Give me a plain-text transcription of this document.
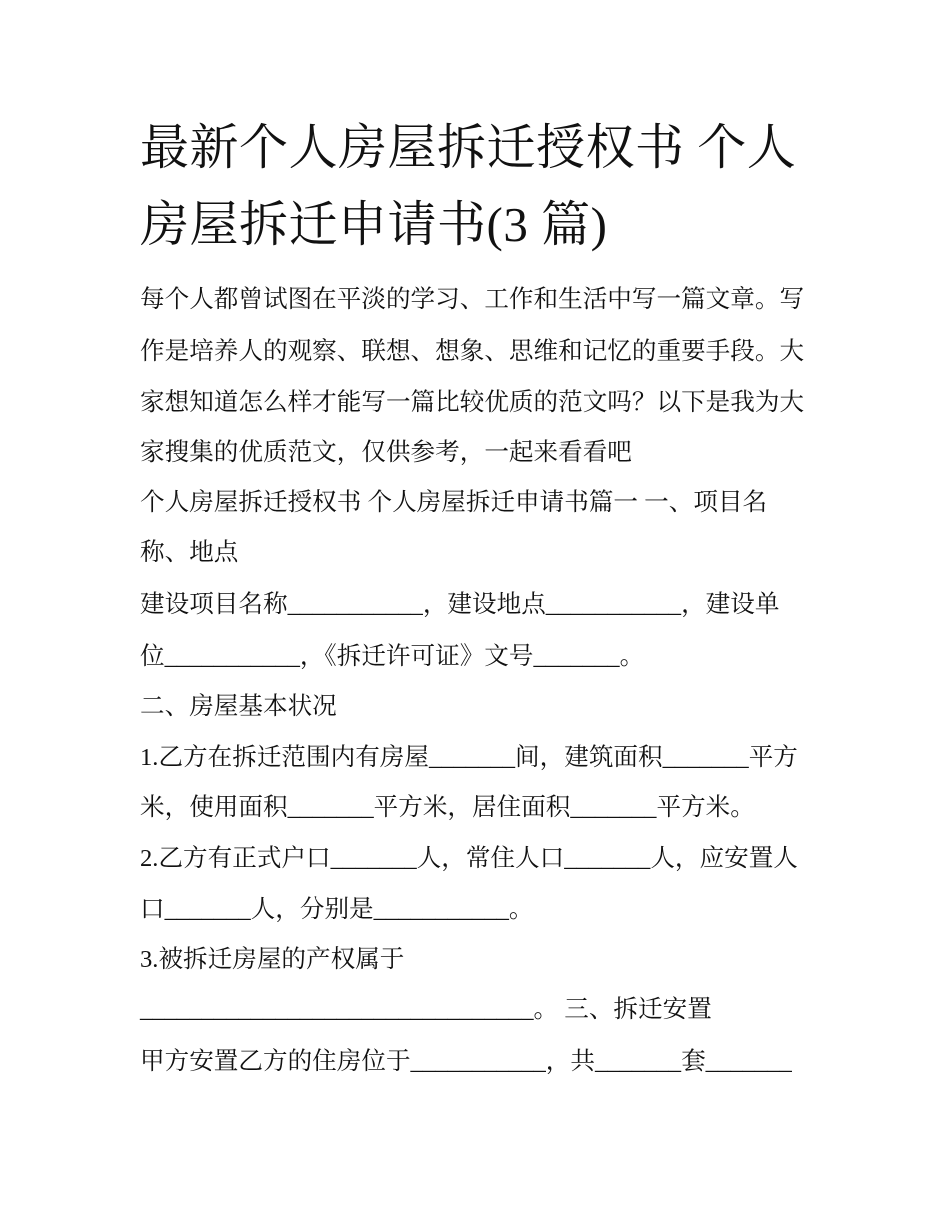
最新个人房屋拆迁授权书 个人
房屋拆迁申请书(3 篇)
每个人都曾试图在平淡的学习、工作和生活中写一篇文章。写
作是培养人的观察、联想、想象、思维和记忆的重要手段。大
家想知道怎么样才能写一篇比较优质的范文吗？以下是我为大
家搜集的优质范文，仅供参考，一起来看看吧
个人房屋拆迁授权书 个人房屋拆迁申请书篇一 一、项目名
称、地点
建设项目名称___________，建设地点___________，建设单
位___________，《拆迁许可证》文号_______。
二、房屋基本状况
1.乙方在拆迁范围内有房屋_______间，建筑面积_______平方
米，使用面积_______平方米，居住面积_______平方米。
2.乙方有正式户口_______人，常住人口_______人，应安置人
口_______人，分别是___________。
3.被拆迁房屋的产权属于
________________________________。 三、拆迁安置
甲方安置乙方的住房位于___________，共_______套_______
